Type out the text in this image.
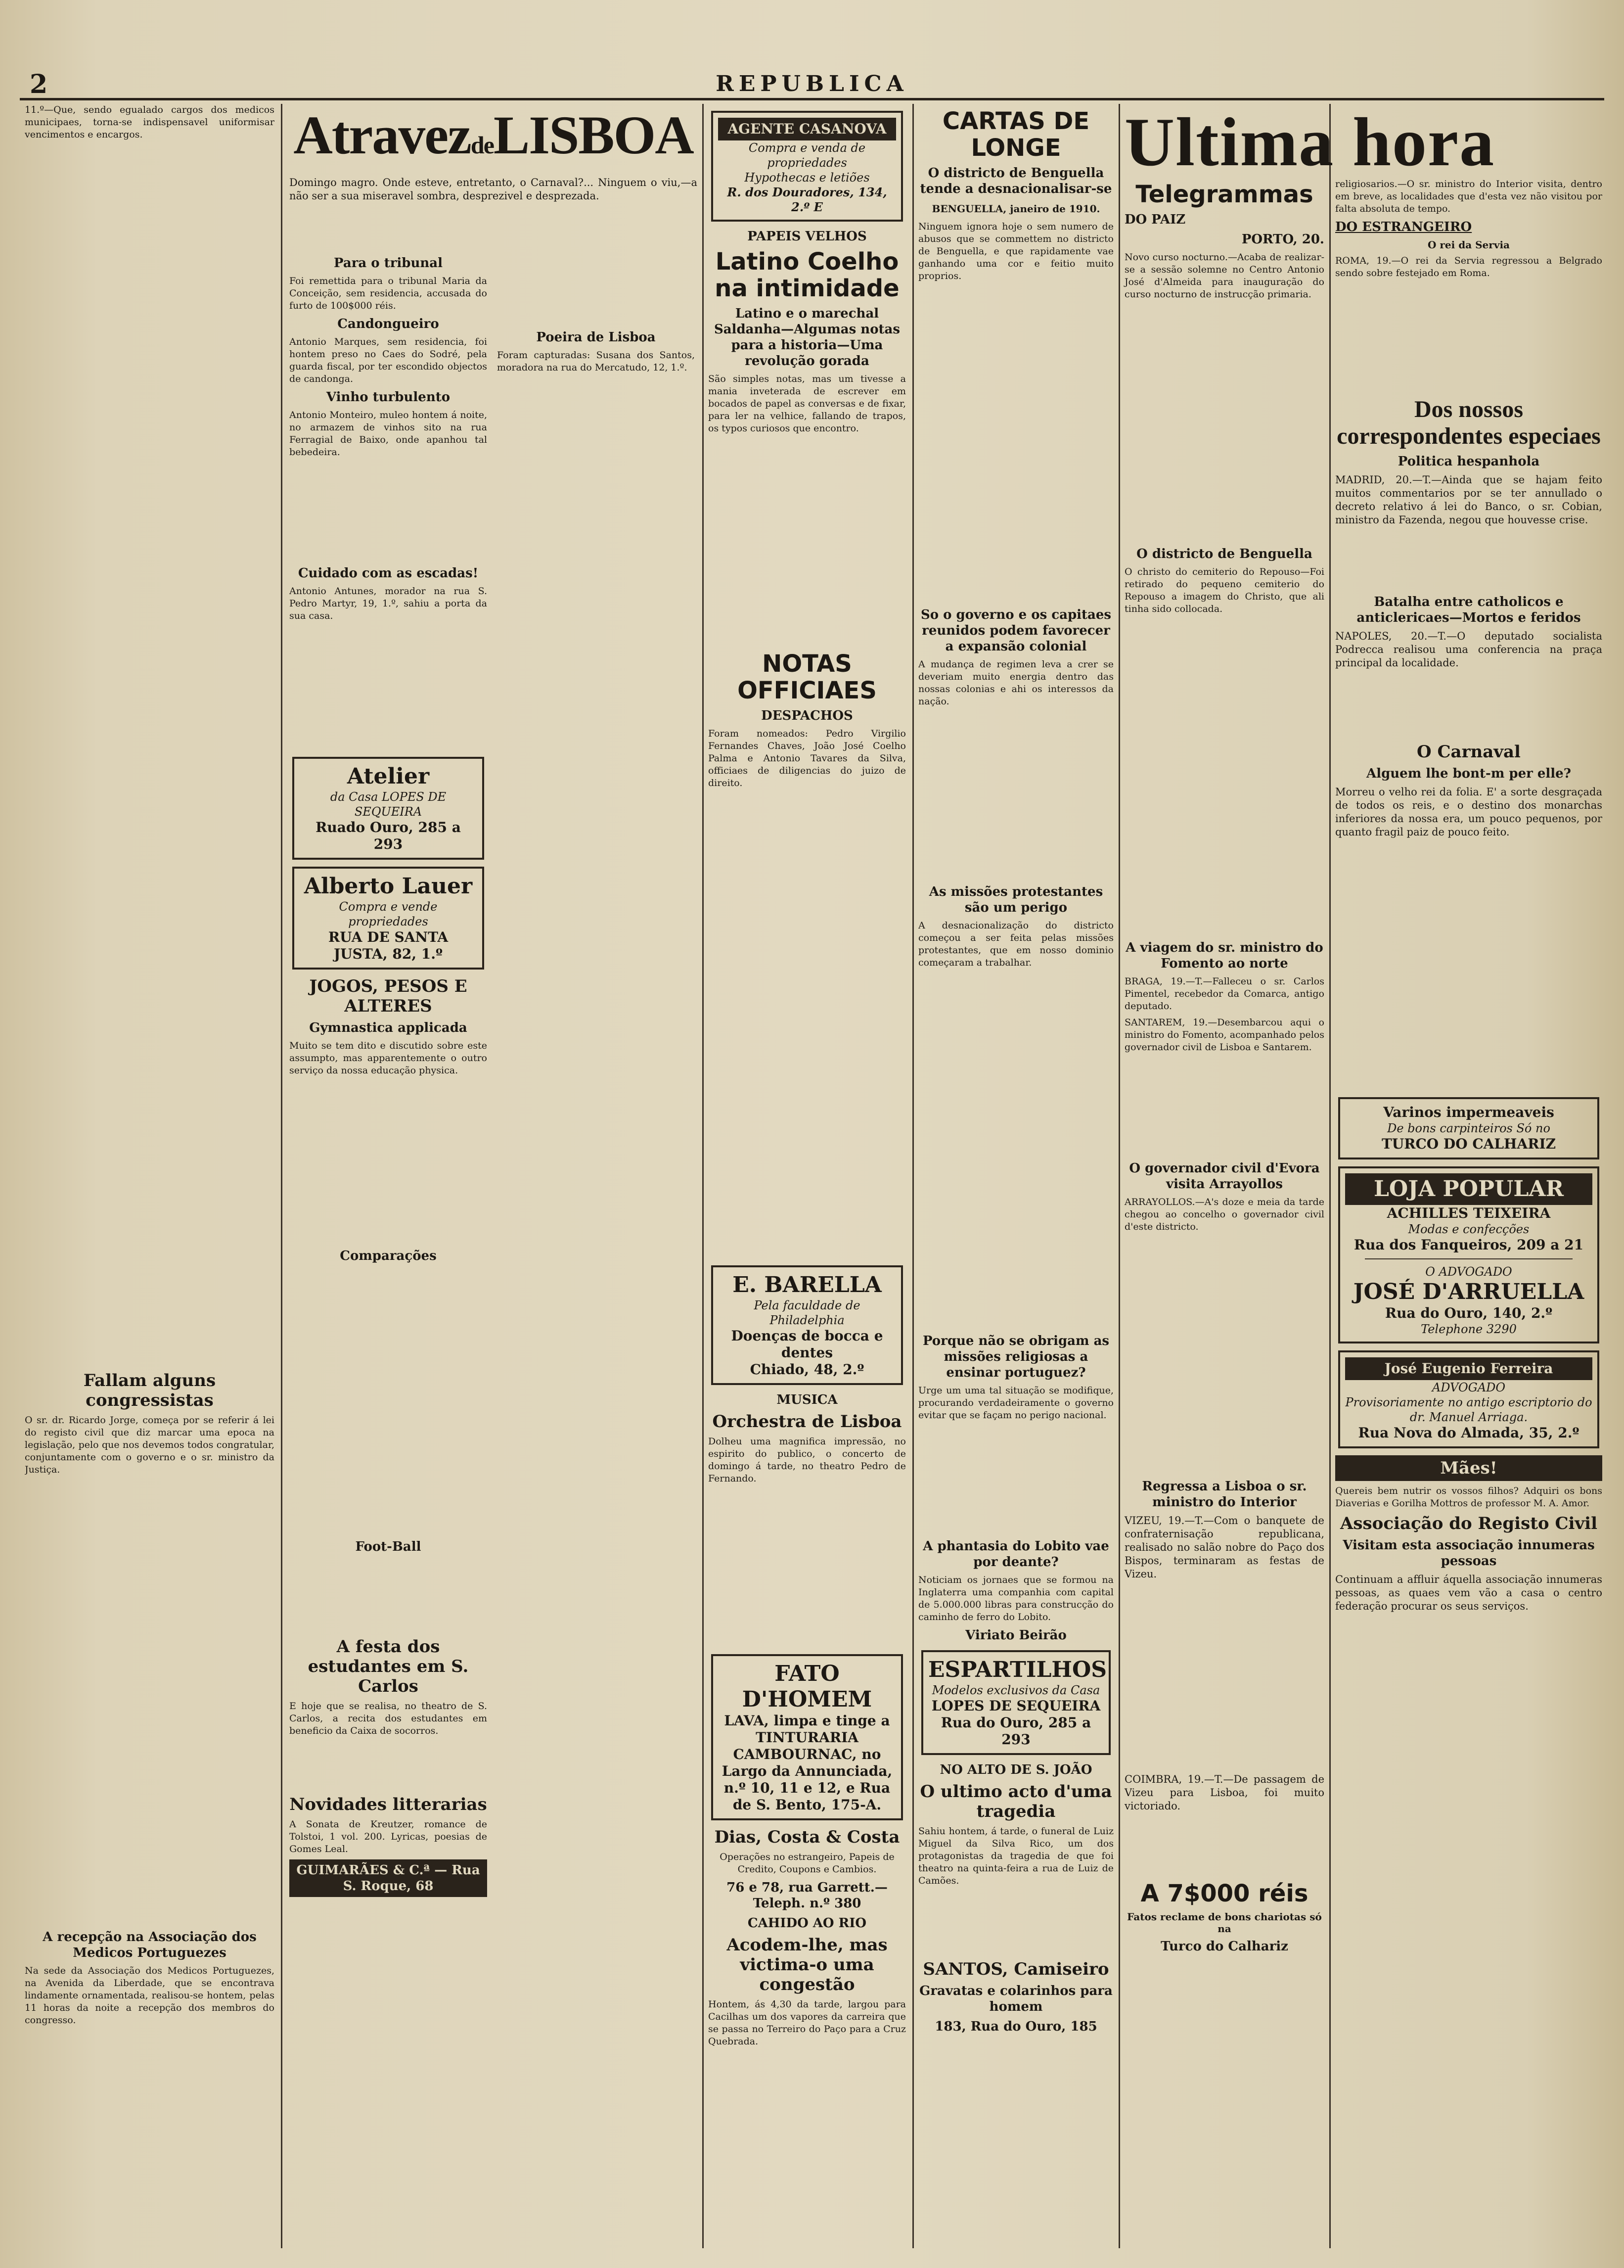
2	REPUBLICA

11.º—Que, sendo egualado cargos dos medicos municipaes, torna-se indispensavel uniformisar vencimentos e encargos.

Fallam alguns congressistas

O sr. dr. Ricardo Jorge, começa por se referir á lei do registo civil que diz marcar uma epoca na legislação, pelo que nos devemos todos congratular, conjuntamente com o governo e o sr. ministro da Justiça.

A recepção na Associação dos Medicos Portuguezes

Na sede da Associação dos Medicos Portuguezes, na Avenida da Liberdade, que se encontrava lindamente ornamentada, realisou-se hontem, pelas 11 horas da noite a recepção dos membros do congresso.

AtravezdeLISBOA

Domingo magro. Onde esteve, entretanto, o Carnaval?... Ninguem o viu,—a não ser a sua miseravel sombra, desprezivel e desprezada.

Para o tribunal

Foi remettida para o tribunal Maria da Conceição, sem residencia, accusada do furto de 100$000 réis.

Candongueiro

Antonio Marques, sem residencia, foi hontem preso no Caes do Sodré, pela guarda fiscal, por ter escondido objectos de candonga.

Vinho turbulento

Antonio Monteiro, muleo hontem á noite, no armazem de vinhos sito na rua Ferragial de Baixo, onde apanhou tal bebedeira.

Cuidado com as escadas!

Antonio Antunes, morador na rua S. Pedro Martyr, 19, 1.º, sahiu a porta da sua casa.

Atelier
da Casa LOPES DE SEQUEIRA
Ruado Ouro, 285 a 293
Alberto Lauer
Compra e vende propriedades
RUA DE SANTA JUSTA, 82, 1.º
JOGOS, PESOS E ALTERES
Gymnastica applicada

Muito se tem dito e discutido sobre este assumpto, mas apparentemente o outro serviço da nossa educação physica.

Comparações
Foot-Ball
A festa dos estudantes em S. Carlos

E hoje que se realisa, no theatro de S. Carlos, a recita dos estudantes em beneficio da Caixa de socorros.

Novidades litterarias

A Sonata de Kreutzer, romance de Tolstoi, 1 vol. 200. Lyricas, poesias de Gomes Leal.

GUIMARÃES & C.ª — Rua S. Roque, 68
Poeira de Lisboa

Foram capturadas: Susana dos Santos, moradora na rua do Mercatudo, 12, 1.º.

AGENTE CASANOVA
Compra e venda de propriedades
Hypothecas e letiões
R. dos Douradores, 134, 2.º E
PAPEIS VELHOS
Latino Coelho na intimidade
Latino e o marechal Saldanha—Algumas notas para a historia—Uma revolução gorada

São simples notas, mas um tivesse a mania inveterada de escrever em bocados de papel as conversas e de fixar, para ler na velhice, fallando de trapos, os typos curiosos que encontro.

NOTAS OFFICIAES
DESPACHOS

Foram nomeados: Pedro Virgilio Fernandes Chaves, João José Coelho Palma e Antonio Tavares da Silva, officiaes de diligencias do juizo de direito.

E. BARELLA
Pela faculdade de Philadelphia
Doenças de bocca e dentes
Chiado, 48, 2.º
MUSICA
Orchestra de Lisboa

Dolheu uma magnifica impressão, no espirito do publico, o concerto de domingo á tarde, no theatro Pedro de Fernando.

FATO D'HOMEM
LAVA, limpa e tinge a TINTURARIA CAMBOURNAC, no Largo da Annunciada, n.º 10, 11 e 12, e Rua de S. Bento, 175-A.
Dias, Costa & Costa

Operações no estrangeiro, Papeis de Credito, Coupons e Cambios.

76 e 78, rua Garrett.— Teleph. n.º 380
CAHIDO AO RIO
Acodem-lhe, mas victima-o uma congestão

Hontem, ás 4,30 da tarde, largou para Cacilhas um dos vapores da carreira que se passa no Terreiro do Paço para a Cruz Quebrada.

CARTAS DE LONGE
O districto de Benguella tende a desnacionalisar-se
BENGUELLA, janeiro de 1910.

Ninguem ignora hoje o sem numero de abusos que se commettem no districto de Benguella, e que rapidamente vae ganhando uma cor e feitio muito proprios.

So o governo e os capitaes reunidos podem favorecer a expansão colonial

A mudança de regimen leva a crer se deveriam muito energia dentro das nossas colonias e ahi os interessos da nação.

As missões protestantes são um perigo

A desnacionalização do districto começou a ser feita pelas missões protestantes, que em nosso dominio começaram a trabalhar.

Porque não se obrigam as missões religiosas a ensinar portuguez?

Urge um uma tal situação se modifique, procurando verdadeiramente o governo evitar que se façam no perigo nacional.

A phantasia do Lobito vae por deante?

Noticiam os jornaes que se formou na Inglaterra uma companhia com capital de 5.000.000 libras para construcção do caminho de ferro do Lobito.

Viriato Beirão
ESPARTILHOS
Modelos exclusivos da Casa
LOPES DE SEQUEIRA
Rua do Ouro, 285 a 293
NO ALTO DE S. JOÃO
O ultimo acto d'uma tragedia

Sahiu hontem, á tarde, o funeral de Luiz Miguel da Silva Rico, um dos protagonistas da tragedia de que foi theatro na quinta-feira a rua de Luiz de Camões.

SANTOS, Camiseiro
Gravatas e colarinhos para homem
183, Rua do Ouro, 185
Ultima hora
Telegrammas
DO PAIZ
PORTO, 20.

Novo curso nocturno.—Acaba de realizar-se a sessão solemne no Centro Antonio José d'Almeida para inauguração do curso nocturno de instrucção primaria.

O districto de Benguella

O christo do cemiterio do Repouso—Foi retirado do pequeno cemiterio do Repouso a imagem do Christo, que ali tinha sido collocada.

A viagem do sr. ministro do Fomento ao norte

BRAGA, 19.—T.—Falleceu o sr. Carlos Pimentel, recebedor da Comarca, antigo deputado.

SANTAREM, 19.—Desembarcou aqui o ministro do Fomento, acompanhado pelos governador civil de Lisboa e Santarem.

O governador civil d'Evora visita Arrayollos

ARRAYOLLOS.—A's doze e meia da tarde chegou ao concelho o governador civil d'este districto.

Regressa a Lisboa o sr. ministro do Interior

VIZEU, 19.—T.—Com o banquete de confraternisação republicana, realisado no salão nobre do Paço dos Bispos, terminaram as festas de Vizeu.

COIMBRA, 19.—T.—De passagem de Vizeu para Lisboa, foi muito victoriado.

A 7$000 réis
Fatos reclame de bons chariotas só na
Turco do Calhariz

religiosarios.—O sr. ministro do Interior visita, dentro em breve, as localidades que d'esta vez não visitou por falta absoluta de tempo.

DO ESTRANGEIRO
O rei da Servia

ROMA, 19.—O rei da Servia regressou a Belgrado sendo sobre festejado em Roma.

Dos nossos correspondentes especiaes
Politica hespanhola

MADRID, 20.—T.—Ainda que se hajam feito muitos commentarios por se ter annullado o decreto relativo á lei do Banco, o sr. Cobian, ministro da Fazenda, negou que houvesse crise.

Batalha entre catholicos e anticlericaes—Mortos e feridos

NAPOLES, 20.—T.—O deputado socialista Podrecca realisou uma conferencia na praça principal da localidade.

O Carnaval
Alguem lhe bont-m per elle?

Morreu o velho rei da folia. E' a sorte desgraçada de todos os reis, e o destino dos monarchas inferiores da nossa era, um pouco pequenos, por quanto fragil paiz de pouco feito.

Varinos impermeaveis
De bons carpinteiros Só no
TURCO DO CALHARIZ
LOJA POPULAR
ACHILLES TEIXEIRA
Modas e confecções
Rua dos Fanqueiros, 209 a 21
O ADVOGADO
JOSÉ D'ARRUELLA
Rua do Ouro, 140, 2.º
Telephone 3290
José Eugenio Ferreira
ADVOGADO
Provisoriamente no antigo escriptorio do dr. Manuel Arriaga.
Rua Nova do Almada, 35, 2.º
Mães!

Quereis bem nutrir os vossos filhos? Adquiri os bons Diaverias e Gorilha Mottros de professor M. A. Amor.

Associação do Registo Civil
Visitam esta associação innumeras pessoas

Continuam a affluir áquella associação innumeras pessoas, as quaes vem vão a casa o centro federação procurar os seus serviços.
